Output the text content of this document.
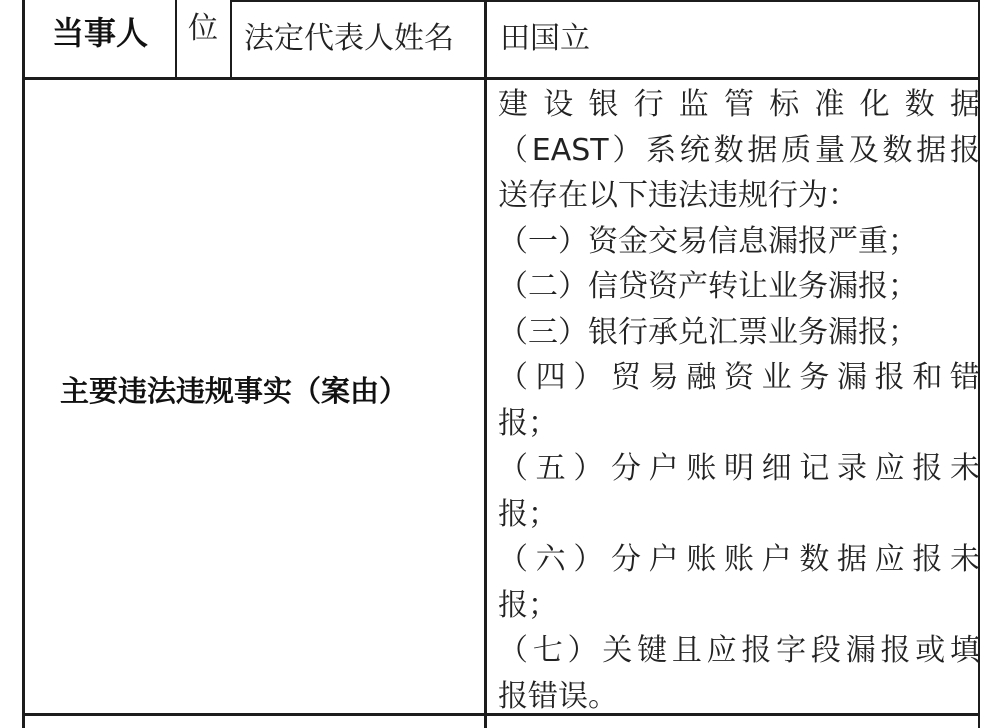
当事人 位 法定代表人姓名 田国立
主要违法违规事实（案由）
建设银行监管标准化数据
（EAST）系统数据质量及数据报
送存在以下违法违规行为：
（一）资金交易信息漏报严重；
（二）信贷资产转让业务漏报；
（三）银行承兑汇票业务漏报；
（四）贸易融资业务漏报和错
报；
（五）分户账明细记录应报未
报；
（六）分户账账户数据应报未
报；
（七）关键且应报字段漏报或填
报错误。
